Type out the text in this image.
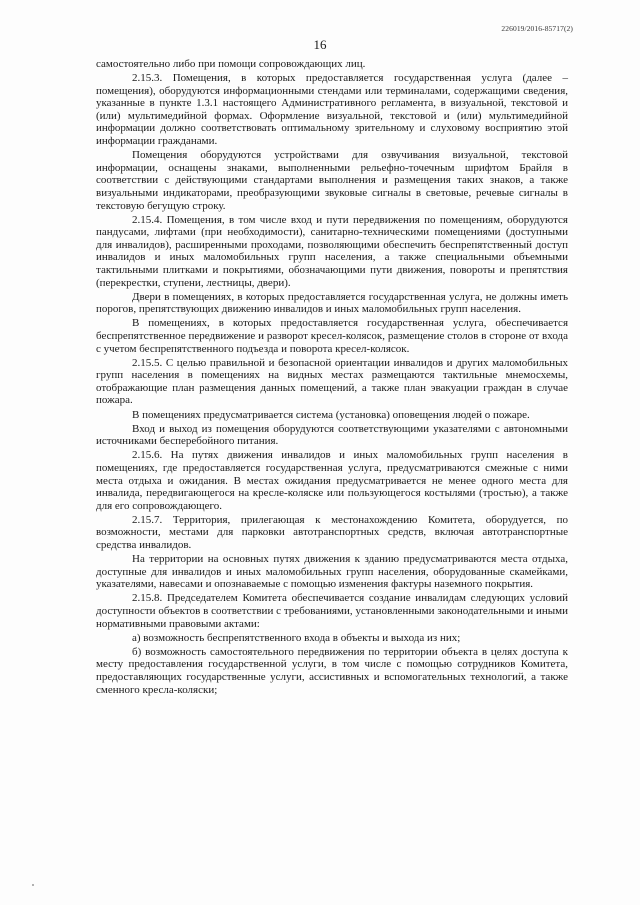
226019/2016-85717(2)
16

самостоятельно либо при помощи сопровождающих лиц.

2.15.3. Помещения, в которых предоставляется государственная услуга (далее – помещения), оборудуются информационными стендами или терминалами, содержащими сведения, указанные в пункте 1.3.1 настоящего Административного регламента, в визуальной, текстовой и (или) мультимедийной формах. Оформление визуальной, текстовой и (или) мультимедийной информации должно соответствовать оптимальному зрительному и слуховому восприятию этой информации гражданами.

Помещения оборудуются устройствами для озвучивания визуальной, текстовой информации, оснащены знаками, выполненными рельефно-точечным шрифтом Брайля в соответствии с действующими стандартами выполнения и размещения таких знаков, а также визуальными индикаторами, преобразующими звуковые сигналы в световые, речевые сигналы в текстовую бегущую строку.

2.15.4. Помещения, в том числе вход и пути передвижения по помещениям, оборудуются пандусами, лифтами (при необходимости), санитарно-техническими помещениями (доступными для инвалидов), расширенными проходами, позволяющими обеспечить беспрепятственный доступ инвалидов и иных маломобильных групп населения, а также специальными объемными тактильными плитками и покрытиями, обозначающими пути движения, повороты и препятствия (перекрестки, ступени, лестницы, двери).

Двери в помещениях, в которых предоставляется государственная услуга, не должны иметь порогов, препятствующих движению инвалидов и иных маломобильных групп населения.

В помещениях, в которых предоставляется государственная услуга, обеспечивается беспрепятственное передвижение и разворот кресел-колясок, размещение столов в стороне от входа с учетом беспрепятственного подъезда и поворота кресел-колясок.

2.15.5. С целью правильной и безопасной ориентации инвалидов и других маломобильных групп населения в помещениях на видных местах размещаются тактильные мнемосхемы, отображающие план размещения данных помещений, а также план эвакуации граждан в случае пожара.

В помещениях предусматривается система (установка) оповещения людей о пожаре.

Вход и выход из помещения оборудуются соответствующими указателями с автономными источниками бесперебойного питания.

2.15.6. На путях движения инвалидов и иных маломобильных групп населения в помещениях, где предоставляется государственная услуга, предусматриваются смежные с ними места отдыха и ожидания. В местах ожидания предусматривается не менее одного места для инвалида, передвигающегося на кресле-коляске или пользующегося костылями (тростью), а также для его сопровождающего.

2.15.7. Территория, прилегающая к местонахождению Комитета, оборудуется, по возможности, местами для парковки автотранспортных средств, включая автотранспортные средства инвалидов.

На территории на основных путях движения к зданию предусматриваются места отдыха, доступные для инвалидов и иных маломобильных групп населения, оборудованные скамейками, указателями, навесами и опознаваемые с помощью изменения фактуры наземного покрытия.

2.15.8. Председателем Комитета обеспечивается создание инвалидам следующих условий доступности объектов в соответствии с требованиями, установленными законодательными и иными нормативными правовыми актами:

а) возможность беспрепятственного входа в объекты и выхода из них;

б) возможность самостоятельного передвижения по территории объекта в целях доступа к месту предоставления государственной услуги, в том числе с помощью сотрудников Комитета, предоставляющих государственные услуги, ассистивных и вспомогательных технологий, а также сменного кресла-коляски;
